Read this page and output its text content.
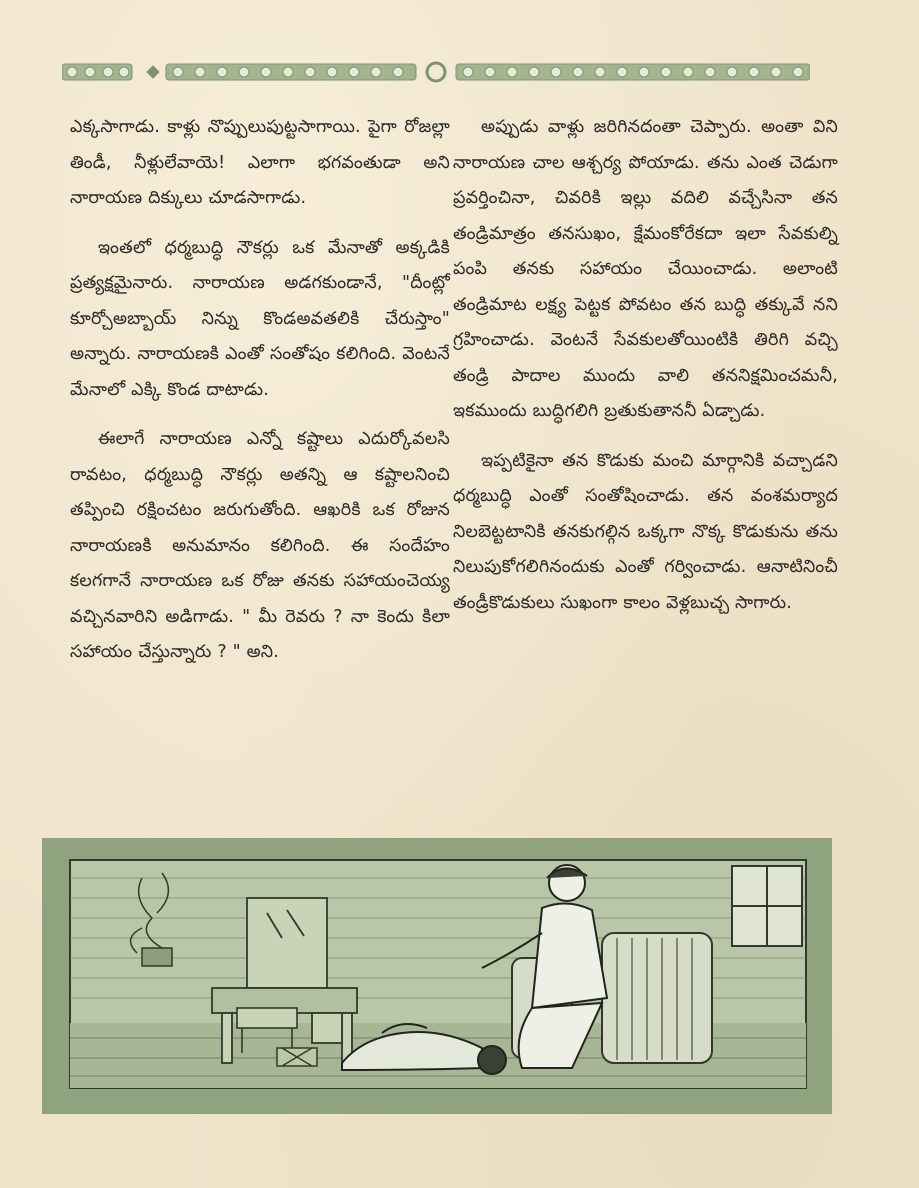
ఎక్కసాగాడు. కాళ్లు నొప్పులుపుట్టసాగాయి. పైగా రోజల్లా తిండీ, నీళ్లులేవాయె! ఎలాగా భగవంతుడా అని నారాయణ దిక్కులు చూడసాగాడు.

ఇంతలో ధర్మబుద్ధి నౌకర్లు ఒక మేనాతో అక్కడికి ప్రత్యక్షమైనారు. నారాయణ అడగకుండానే, "దీంట్లో కూర్చోఅబ్బాయ్ నిన్ను కొండఅవతలికి చేరుస్తాం" అన్నారు. నారాయణకి ఎంతో సంతోషం కలిగింది. వెంటనే మేనాలో ఎక్కి కొండ దాటాడు.

ఈలాగే నారాయణ ఎన్నో కష్టాలు ఎదుర్కోవలసి రావటం, ధర్మబుద్ధి నౌకర్లు అతన్ని ఆ కష్టాలనించి తప్పించి రక్షించటం జరుగుతోంది. ఆఖరికి ఒక రోజున నారాయణకి అనుమానం కలిగింది. ఈ సందేహం కలగగానే నారాయణ ఒక రోజు తనకు సహాయంచెయ్య వచ్చినవారిని అడిగాడు. " మీ రెవరు ? నా కెందు కిలా సహాయం చేస్తున్నారు ? " అని.

అప్పుడు వాళ్లు జరిగినదంతా చెప్పారు. అంతా విని నారాయణ చాల ఆశ్చర్య పోయాడు. తను ఎంత చెడుగా ప్రవర్తించినా, చివరికి ఇల్లు వదిలి వచ్చేసినా తన తండ్రిమాత్రం తనసుఖం, క్షేమంకోరేకదా ఇలా సేవకుల్ని పంపి తనకు సహాయం చేయించాడు. అలాంటి తండ్రిమాట లక్ష్య పెట్టక పోవటం తన బుద్ధి తక్కువే నని గ్రహించాడు. వెంటనే సేవకులతోయింటికి తిరిగి వచ్చి తండ్రి పాదాల ముందు వాలి తననిక్షమించమనీ, ఇకముందు బుద్ధిగలిగి బ్రతుకుతాననీ ఏడ్చాడు.

ఇప్పటికైనా తన కొడుకు మంచి మార్గానికి వచ్చాడని ధర్మబుద్ధి ఎంతో సంతోషించాడు. తన వంశమర్యాద నిలబెట్టటానికి తనకుగల్గిన ఒక్కగా నొక్క కొడుకును తను నిలుపుకోగలిగినందుకు ఎంతో గర్వించాడు. ఆనాటినించీ తండ్రీకొడుకులు సుఖంగా కాలం వెళ్లబుచ్చ సాగారు.
